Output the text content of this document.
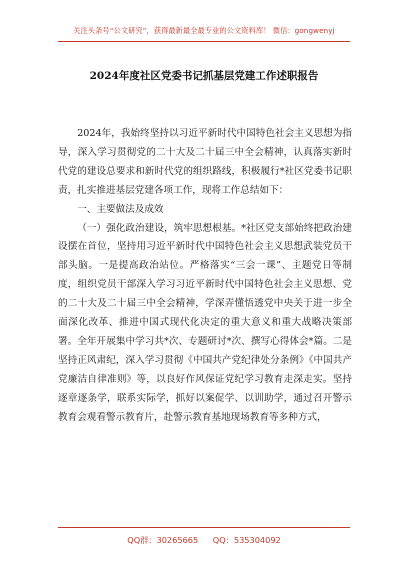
关注头条号“公文研究”，获得最新最全最专业的公文资料库！ 微信：gongwenyj
2024年度社区党委书记抓基层党建工作述职报告

2024年，我始终坚持以习近平新时代中国特色社会主义思想为指导，深入学习贯彻党的二十大及二十届三中全会精神，认真落实新时代党的建设总要求和新时代党的组织路线，积极履行*社区党委书记职责，扎实推进基层党建各项工作，现将工作总结如下：

一、主要做法及成效

（一）强化政治建设，筑牢思想根基。*社区党支部始终把政治建设摆在首位，坚持用习近平新时代中国特色社会主义思想武装党员干部头脑。一是提高政治站位。严格落实“三会一课”、主题党日等制度，组织党员干部深入学习习近平新时代中国特色社会主义思想、党的二十大及二十届三中全会精神，学深弄懂悟透党中央关于进一步全面深化改革、推进中国式现代化决定的重大意义和重大战略决策部署。全年开展集中学习共*次、专题研讨*次、撰写心得体会*篇。二是坚持正风肃纪，深入学习贯彻《中国共产党纪律处分条例》《中国共产党廉洁自律准则》等，以良好作风保证党纪学习教育走深走实。坚持逐章逐条学，联系实际学，抓好以案促学、以训助学，通过召开警示教育会观看警示教育片，赴警示教育基地现场教育等多种方式，

QQ群：30265665 QQ：535304092
